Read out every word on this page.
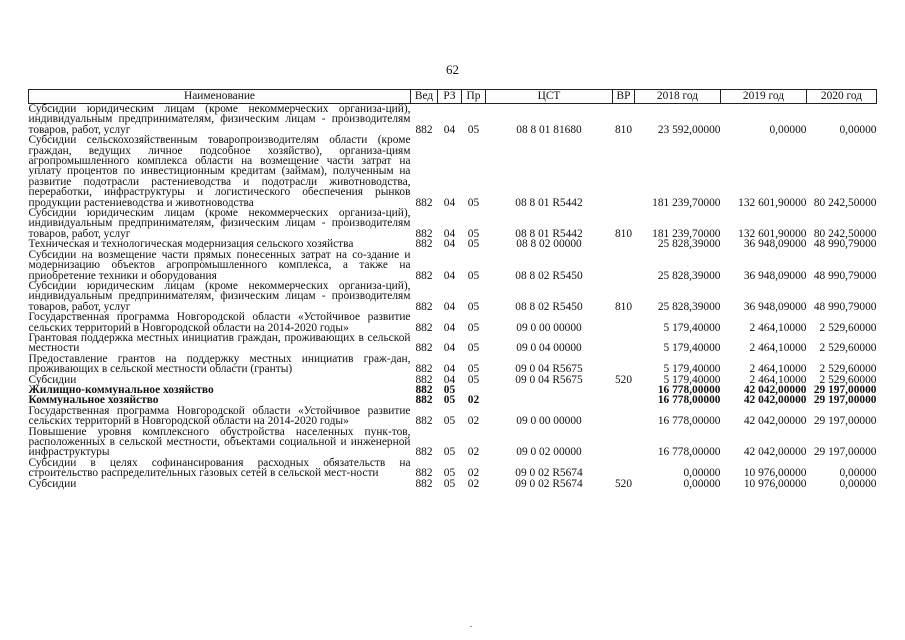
62
Наименование	Вед	РЗ	Пр	ЦСТ	ВР	2018 год	2019 год	2020 год
Субсидии юридическим лицам (кроме некоммерческих организа-ций), индивидуальным предпринимателям, физическим лицам - производителям товаров, работ, услуг	882	04	05	08 8 01 81680	810	23 592,00000	0,00000	0,00000
Субсидии сельскохозяйственным товаропроизводителям области (кроме граждан, ведущих личное подсобное хозяйство), организа-циям агропромышленного комплекса области на возмещение части затрат на уплату процентов по инвестиционным кредитам (займам), полученным на развитие подотрасли растениеводства и подотрасли животноводства, переработки, инфраструктуры и логистического обеспечения рынков продукции растениеводства и животноводства	882	04	05	08 8 01 R5442		181 239,70000	132 601,90000	80 242,50000
Субсидии юридическим лицам (кроме некоммерческих организа-ций), индивидуальным предпринимателям, физическим лицам - производителям товаров, работ, услуг	882	04	05	08 8 01 R5442	810	181 239,70000	132 601,90000	80 242,50000
Техническая и технологическая модернизация сельского хозяйства	882	04	05	08 8 02 00000		25 828,39000	36 948,09000	48 990,79000
Субсидии на возмещение части прямых понесенных затрат на со-здание и модернизацию объектов агропромышленного комплекса, а также на приобретение техники и оборудования	882	04	05	08 8 02 R5450		25 828,39000	36 948,09000	48 990,79000
Субсидии юридическим лицам (кроме некоммерческих организа-ций), индивидуальным предпринимателям, физическим лицам - производителям товаров, работ, услуг	882	04	05	08 8 02 R5450	810	25 828,39000	36 948,09000	48 990,79000
Государственная программа Новгородской области «Устойчивое развитие сельских территорий в Новгородской области на 2014-2020 годы»	882	04	05	09 0 00 00000		5 179,40000	2 464,10000	2 529,60000
Грантовая поддержка местных инициатив граждан, проживающих в сельской местности	882	04	05	09 0 04 00000		5 179,40000	2 464,10000	2 529,60000
Предоставление грантов на поддержку местных инициатив граж-дан, проживающих в сельской местности области (гранты)	882	04	05	09 0 04 R5675		5 179,40000	2 464,10000	2 529,60000
Субсидии	882	04	05	09 0 04 R5675	520	5 179,40000	2 464,10000	2 529,60000
Жилищно-коммунальное хозяйство	882	05				16 778,00000	42 042,00000	29 197,00000
Коммунальное хозяйство	882	05	02			16 778,00000	42 042,00000	29 197,00000
Государственная программа Новгородской области «Устойчивое развитие сельских территорий в Новгородской области на 2014-2020 годы»	882	05	02	09 0 00 00000		16 778,00000	42 042,00000	29 197,00000
Повышение уровня комплексного обустройства населенных пунк-тов, расположенных в сельской местности, объектами социальной и инженерной инфраструктуры	882	05	02	09 0 02 00000		16 778,00000	42 042,00000	29 197,00000
Субсидии в целях софинансирования расходных обязательств на строительство распределительных газовых сетей в сельской мест-ности	882	05	02	09 0 02 R5674		0,00000	10 976,00000	0,00000
Субсидии	882	05	02	09 0 02 R5674	520	0,00000	10 976,00000	0,00000
